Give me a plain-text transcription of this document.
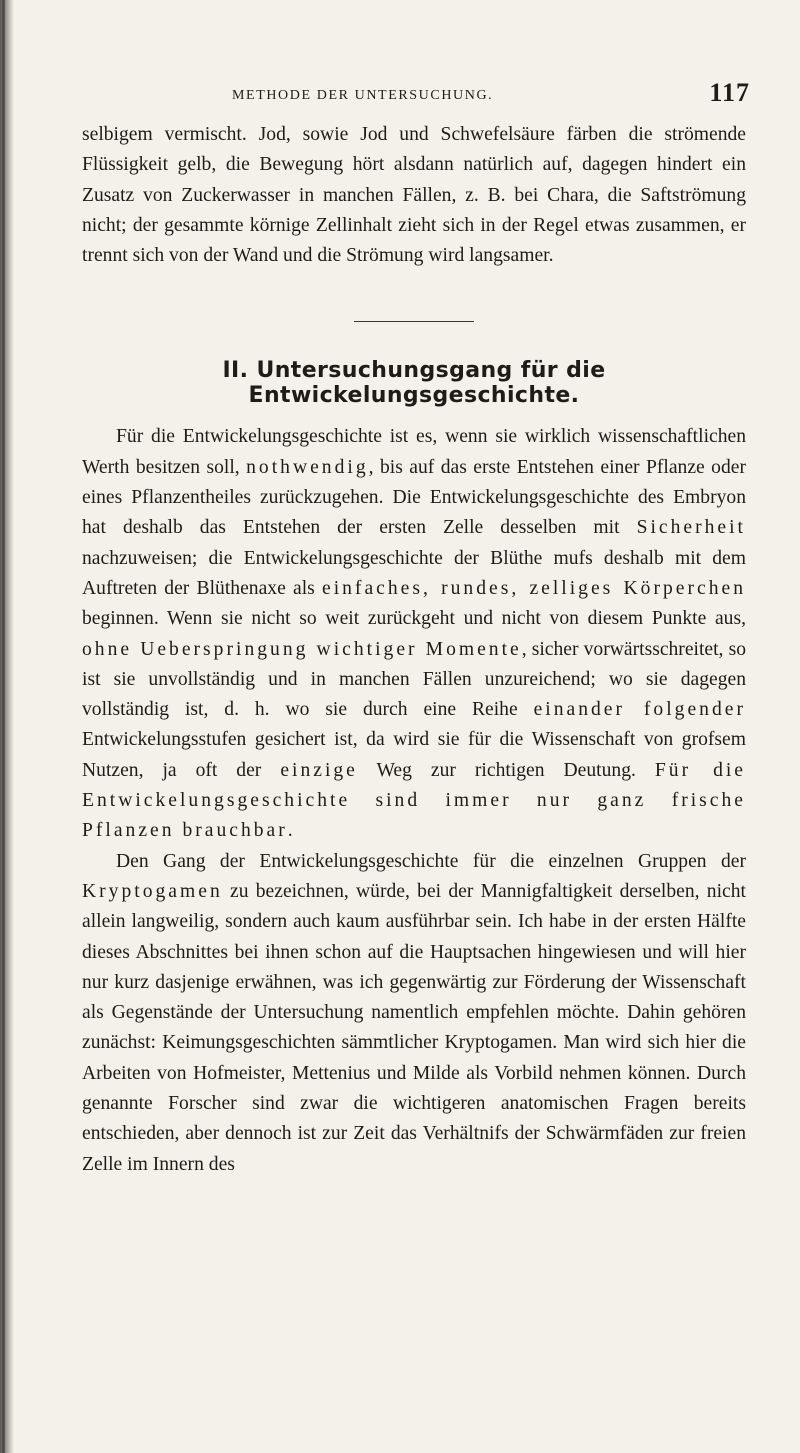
METHODE DER UNTERSUCHUNG.	117

selbigem vermischt. Jod, sowie Jod und Schwefelsäure färben die strömende Flüssigkeit gelb, die Bewegung hört alsdann natürlich auf, dagegen hindert ein Zusatz von Zuckerwasser in manchen Fällen, z. B. bei Chara, die Saftströmung nicht; der gesammte körnige Zellinhalt zieht sich in der Regel etwas zusammen, er trennt sich von der Wand und die Strömung wird langsamer.

II. Untersuchungsgang für die Entwickelungsgeschichte.

Für die Entwickelungsgeschichte ist es, wenn sie wirklich wissenschaftlichen Werth besitzen soll, nothwendig, bis auf das erste Entstehen einer Pflanze oder eines Pflanzentheiles zurückzugehen. Die Entwickelungsgeschichte des Embryon hat deshalb das Entstehen der ersten Zelle desselben mit Sicherheit nachzuweisen; die Entwickelungsgeschichte der Blüthe mufs deshalb mit dem Auftreten der Blüthenaxe als einfaches, rundes, zelliges Körperchen beginnen. Wenn sie nicht so weit zurückgeht und nicht von diesem Punkte aus, ohne Ueberspringung wichtiger Momente, sicher vorwärtsschreitet, so ist sie unvollständig und in manchen Fällen unzureichend; wo sie dagegen vollständig ist, d. h. wo sie durch eine Reihe einander folgender Entwickelungsstufen gesichert ist, da wird sie für die Wissenschaft von grofsem Nutzen, ja oft der einzige Weg zur richtigen Deutung. Für die Entwickelungsgeschichte sind immer nur ganz frische Pflanzen brauchbar.

Den Gang der Entwickelungsgeschichte für die einzelnen Gruppen der Kryptogamen zu bezeichnen, würde, bei der Mannigfaltigkeit derselben, nicht allein langweilig, sondern auch kaum ausführbar sein. Ich habe in der ersten Hälfte dieses Abschnittes bei ihnen schon auf die Hauptsachen hingewiesen und will hier nur kurz dasjenige erwähnen, was ich gegenwärtig zur Förderung der Wissenschaft als Gegenstände der Untersuchung namentlich empfehlen möchte. Dahin gehören zunächst: Keimungsgeschichten sämmtlicher Kryptogamen. Man wird sich hier die Arbeiten von Hofmeister, Mettenius und Milde als Vorbild nehmen können. Durch genannte Forscher sind zwar die wichtigeren anatomischen Fragen bereits entschieden, aber dennoch ist zur Zeit das Verhältnifs der Schwärmfäden zur freien Zelle im Innern des
